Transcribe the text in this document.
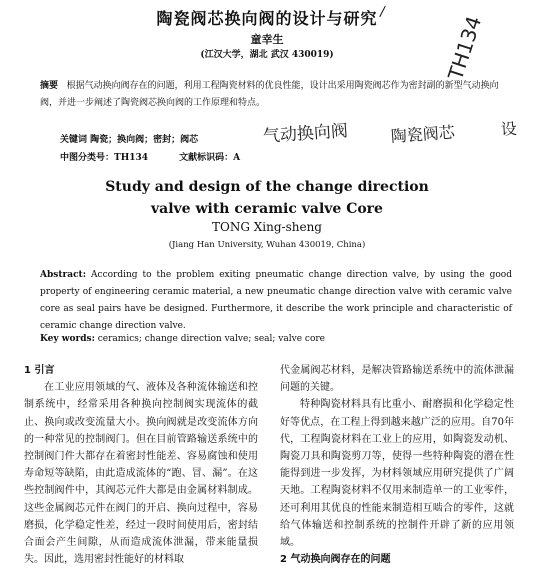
陶瓷阀芯换向阀的设计与研究 /
TH134
童幸生
(江汉大学，湖北 武汉 430019)
摘要 根据气动换向阀存在的问题，利用工程陶瓷材料的优良性能，设计出采用陶瓷阀芯作为密封副的新型气动换向阀，并进一步阐述了陶瓷阀芯换向阀的工作原理和特点。
关键词 陶瓷；换向阀；密封；阀芯
中图分类号：TH134	文献标识码：A
气动换向阀	陶瓷阀芯	设
Study and design of the change direction
valve with ceramic valve Core
TONG Xing-sheng
(Jiang Han University, Wuhan 430019, China)
Abstract: According to the problem exiting pneumatic change direction valve, by using the good property of engineering ceramic material, a new pneumatic change direction valve with ceramic valve core as seal pairs have be designed. Furthermore, it describe the work principle and characteristic of ceramic change direction valve.
Key words: ceramics; change direction valve; seal; valve core

1 引言

在工业应用领域的气、液体及各种流体输送和控制系统中，经常采用各种换向控制阀实现流体的截止、换向或改变流量大小。换向阀就是改变流体方向的一种常见的控制阀门。但在目前管路输送系统中的控制阀门件大都存在着密封性能差、容易腐蚀和使用寿命短等缺陷，由此造成流体的“跑、冒、漏”。在这些控制阀件中，其阀芯元件大都是由金属材料制成。这些金属阀芯元件在阀门的开启、换向过程中，容易磨损，化学稳定性差，经过一段时间使用后，密封结合面会产生间隙，从而造成流体泄漏，带来能量损失。因此，选用密封性能好的材料取

代金属阀芯材料，是解决管路输送系统中的流体泄漏问题的关键。

特种陶瓷材料具有比重小、耐磨损和化学稳定性好等优点，在工程上得到越来越广泛的应用。自70年代，工程陶瓷材料在工业上的应用，如陶瓷发动机、陶瓷刀具和陶瓷剪刀等，使得一些特种陶瓷的潜在性能得到进一步发挥，为材料领域应用研究提供了广阔天地。工程陶瓷材料不仅用来制造单一的工业零件，还可利用其优良的性能来制造相互啮合的零件，这就给气体输送和控制系统的控制件开辟了新的应用领域。

2 气动换向阀存在的问题
